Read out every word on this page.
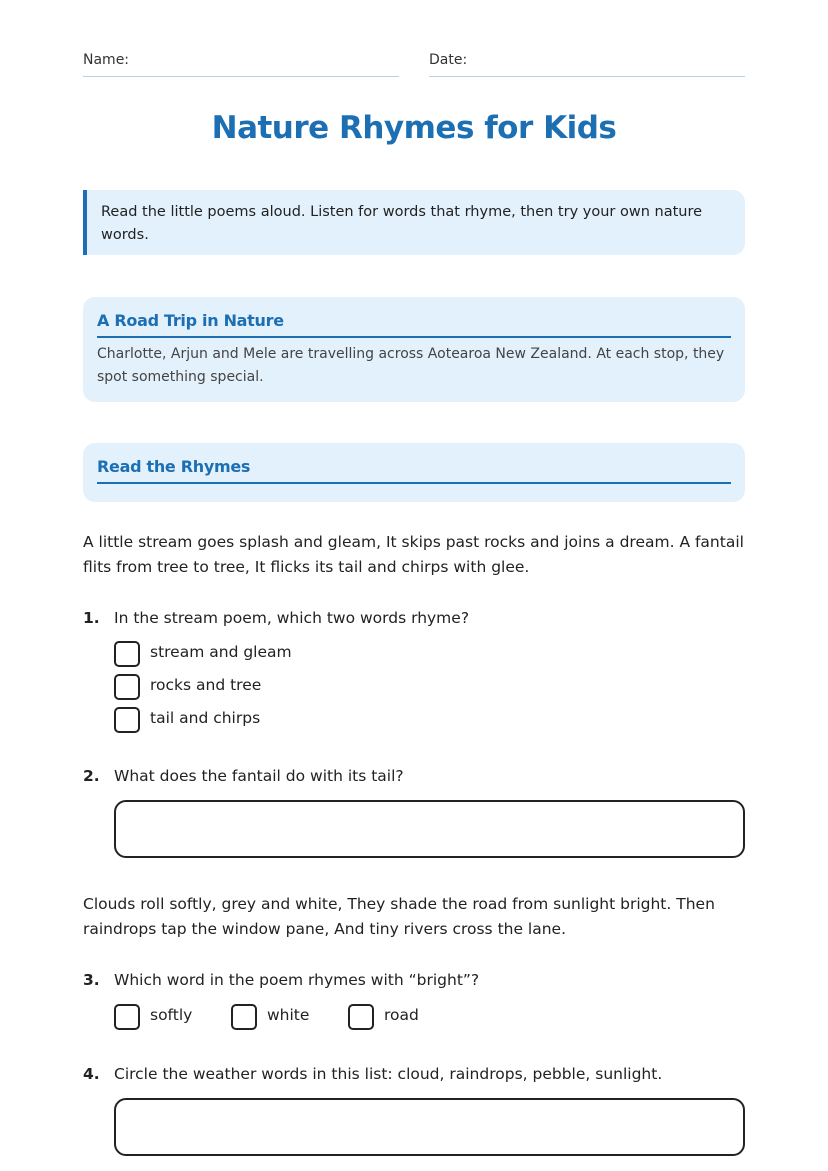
Name:	Date:
Nature Rhymes for Kids
Read the little poems aloud. Listen for words that rhyme, then try your own nature words.
A Road Trip in Nature
Charlotte, Arjun and Mele are travelling across Aotearoa New Zealand. At each stop, they spot something special.
Read the Rhymes

A little stream goes splash and gleam, It skips past rocks and joins a dream. A fantail flits from tree to tree, It flicks its tail and chirps with glee.

1. In the stream poem, which two words rhyme?
stream and gleam
rocks and tree
tail and chirps
2. What does the fantail do with its tail?

Clouds roll softly, grey and white, They shade the road from sunlight bright. Then raindrops tap the window pane, And tiny rivers cross the lane.

3. Which word in the poem rhymes with “bright”?
softly	white	road
4. Circle the weather words in this list: cloud, raindrops, pebble, sunlight.
